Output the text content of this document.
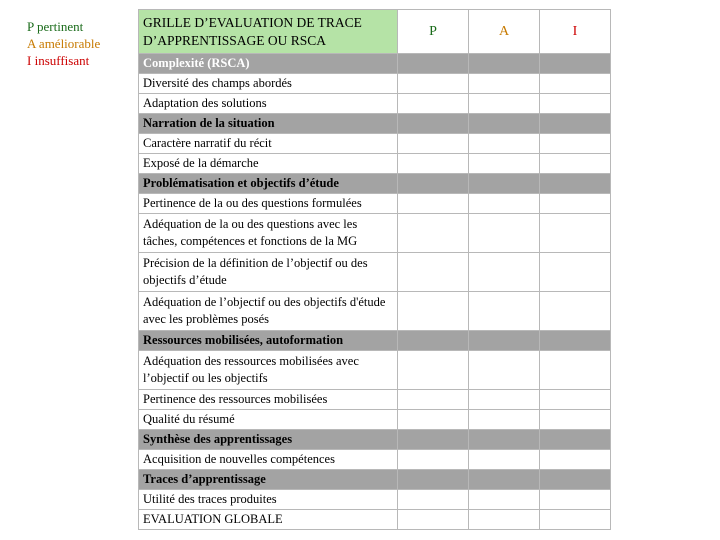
P pertinent
A améliorable
I insuffisant
GRILLE D’EVALUATION DE TRACE D’APPRENTISSAGE OU RSCA	P	A	I
Complexité (RSCA)			
Diversité des champs abordés			
Adaptation des solutions			
Narration de la situation			
Caractère narratif du récit			
Exposé de la démarche			
Problématisation et objectifs d’étude			
Pertinence de la ou des questions formulées			
Adéquation de la ou des questions avec les tâches, compétences et fonctions de la MG			
Précision de la définition de l’objectif ou des objectifs d’étude			
Adéquation de l’objectif ou des objectifs d'étude avec les problèmes posés			
Ressources mobilisées, autoformation			
Adéquation des ressources mobilisées avec l’objectif ou les objectifs			
Pertinence des ressources mobilisées			
Qualité du résumé			
Synthèse des apprentissages			
Acquisition de nouvelles compétences			
Traces d’apprentissage			
Utilité des traces produites			
EVALUATION GLOBALE			
